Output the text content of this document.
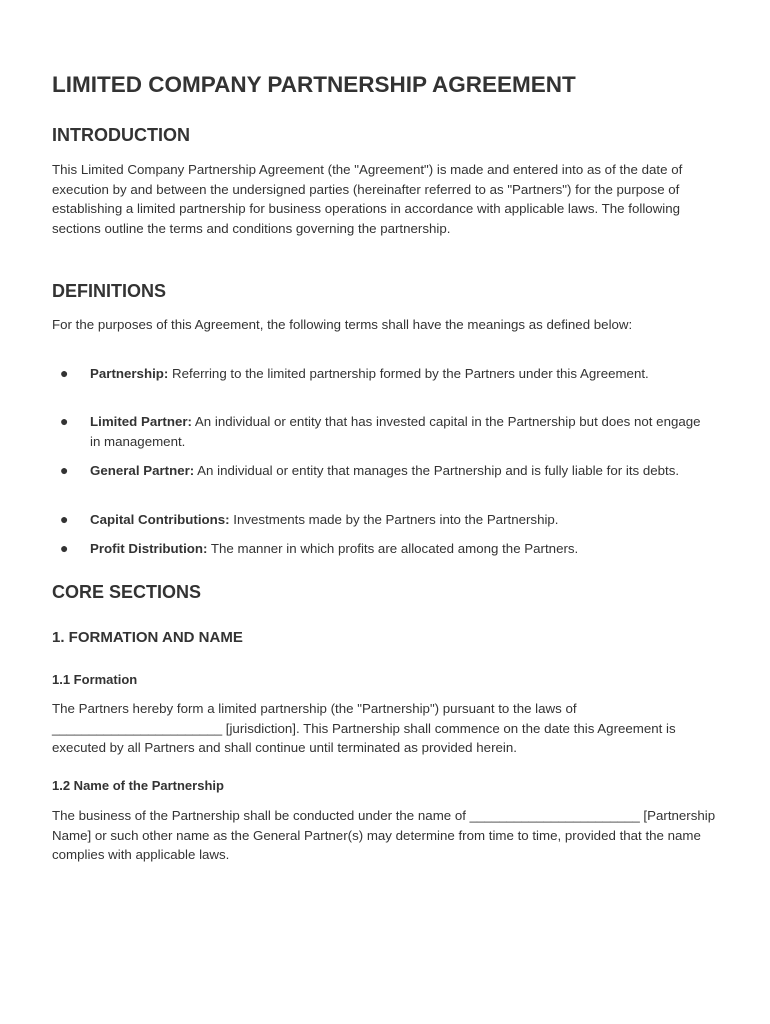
LIMITED COMPANY PARTNERSHIP AGREEMENT
INTRODUCTION

This Limited Company Partnership Agreement (the "Agreement") is made and entered into as of the date of execution by and between the undersigned parties (hereinafter referred to as "Partners") for the purpose of establishing a limited partnership for business operations in accordance with applicable laws. The following sections outline the terms and conditions governing the partnership.

DEFINITIONS

For the purposes of this Agreement, the following terms shall have the meanings as defined below:

● Partnership: Referring to the limited partnership formed by the Partners under this Agreement.

● Limited Partner: An individual or entity that has invested capital in the Partnership but does not engage in management.

● General Partner: An individual or entity that manages the Partnership and is fully liable for its debts.

● Capital Contributions: Investments made by the Partners into the Partnership.

● Profit Distribution: The manner in which profits are allocated among the Partners.

CORE SECTIONS
1. FORMATION AND NAME
1.1 Formation

The Partners hereby form a limited partnership (the "Partnership") pursuant to the laws of _______________________ [jurisdiction]. This Partnership shall commence on the date this Agreement is executed by all Partners and shall continue until terminated as provided herein.

1.2 Name of the Partnership

The business of the Partnership shall be conducted under the name of _______________________ [Partnership Name] or such other name as the General Partner(s) may determine from time to time, provided that the name complies with applicable laws.
